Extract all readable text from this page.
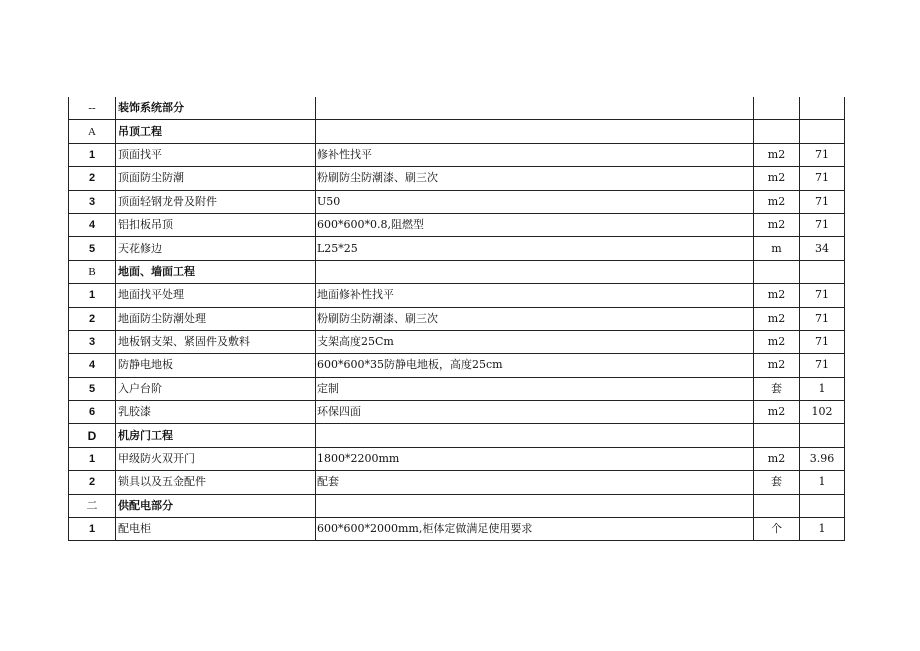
--	装饰系统部分			
A	吊顶工程			
1	顶面找平	修补性找平	m2	71
2	顶面防尘防潮	粉刷防尘防潮漆、刷三次	m2	71
3	顶面轻钢龙骨及附件	U50	m2	71
4	铝扣板吊顶	600*600*0.8,阻燃型	m2	71
5	天花修边	L25*25	m	34
B	地面、墙面工程			
1	地面找平处理	地面修补性找平	m2	71
2	地面防尘防潮处理	粉刷防尘防潮漆、刷三次	m2	71
3	地板钢支架、紧固件及敷料	支架高度25Cm	m2	71
4	防静电地板	600*600*35防静电地板，高度25cm	m2	71
5	入户台阶	定制	套	1
6	乳胶漆	环保四面	m2	102
D	机房门工程			
1	甲级防火双开门	1800*2200mm	m2	3.96
2	锁具以及五金配件	配套	套	1
二	供配电部分			
1	配电柜	600*600*2000mm,柜体定做满足使用要求	个	1
